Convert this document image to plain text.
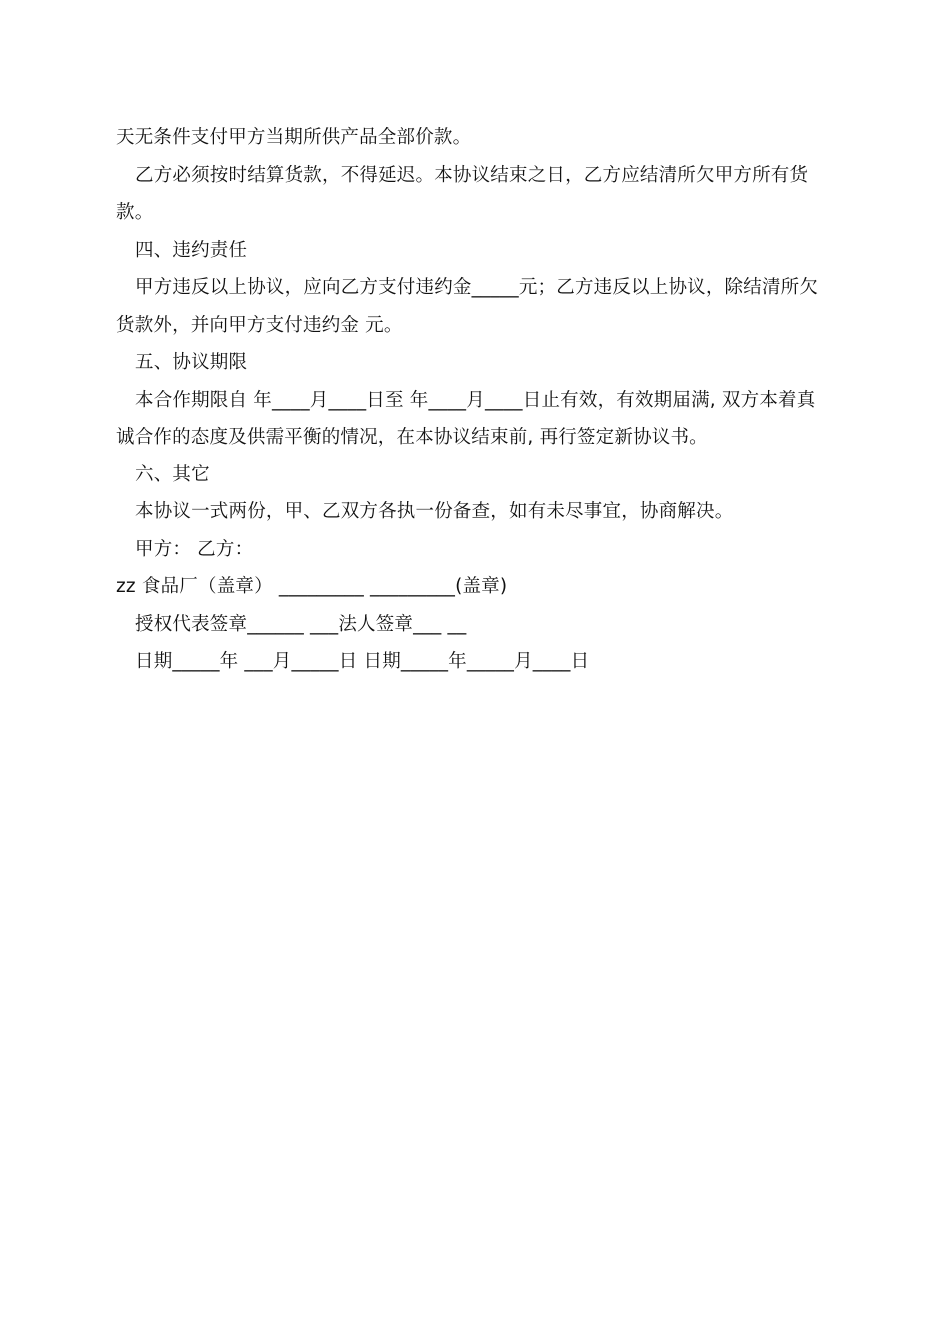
天无条件支付甲方当期所供产品全部价款。
乙方必须按时结算货款，不得延迟。本协议结束之日，乙方应结清所欠甲方所有货
款。
四、违约责任
甲方违反以上协议，应向乙方支付违约金_____元；乙方违反以上协议，除结清所欠
货款外，并向甲方支付违约金 元。
五、协议期限
本合作期限自 年____月____日至 年____月____日止有效，有效期届满, 双方本着真
诚合作的态度及供需平衡的情况，在本协议结束前, 再行签定新协议书。
六、其它
本协议一式两份，甲、乙双方各执一份备查，如有未尽事宜，协商解决。
甲方： 乙方：
zz 食品厂（盖章） _________ _________(盖章)
授权代表签章______ ___法人签章___ __
日期_____年 ___月_____日 日期_____年_____月____日
